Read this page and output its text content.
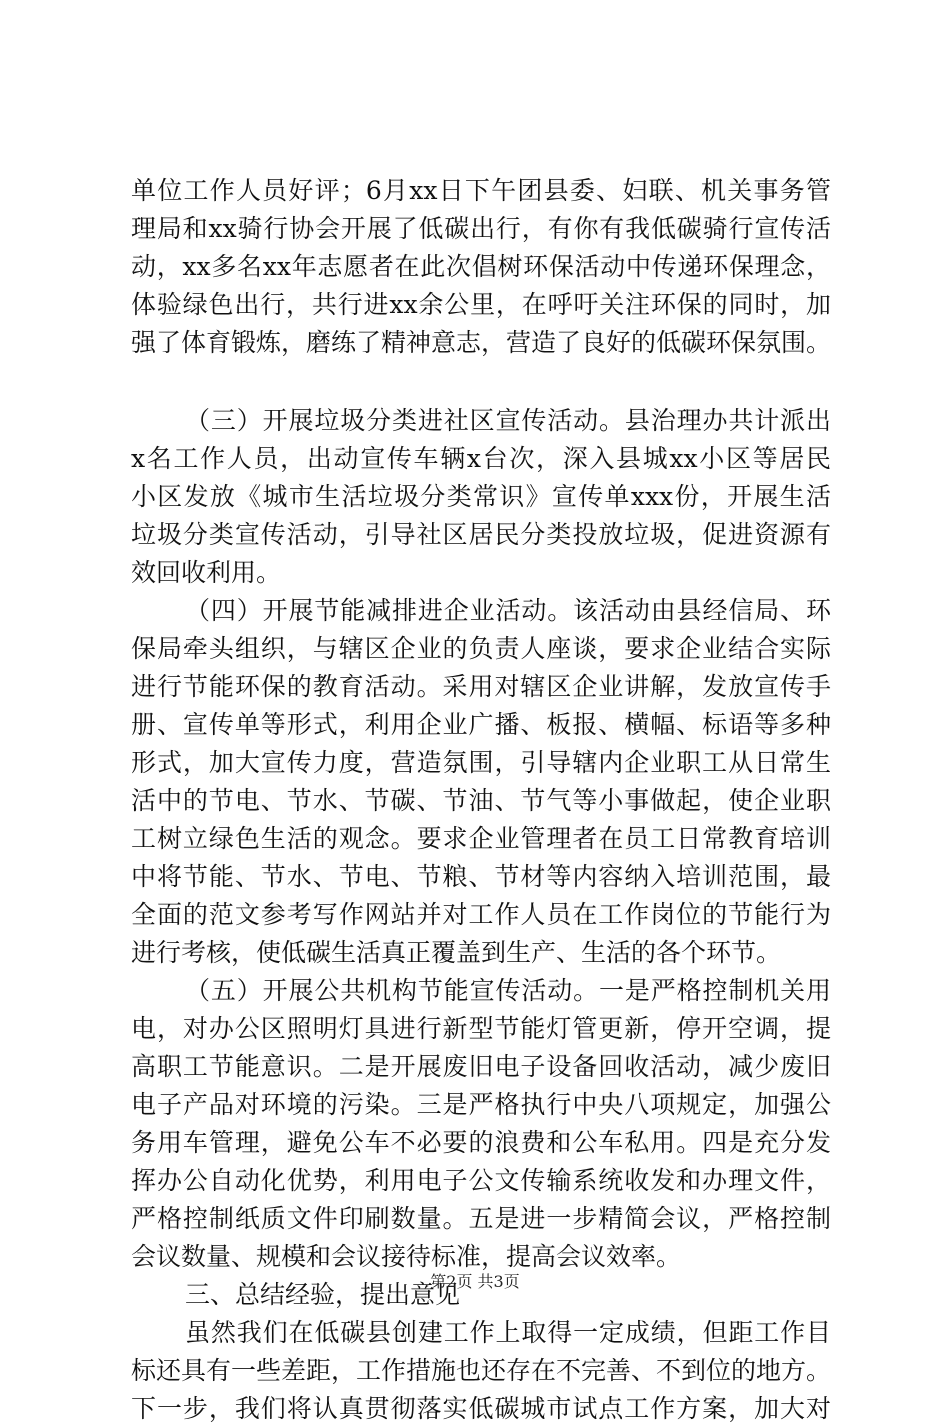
单位工作人员好评；6月xx日下午团县委、妇联、机关事务管
理局和xx骑行协会开展了低碳出行，有你有我低碳骑行宣传活
动，xx多名xx年志愿者在此次倡树环保活动中传递环保理念，
体验绿色出行，共行进xx余公里，在呼吁关注环保的同时，加
强了体育锻炼，磨练了精神意志，营造了良好的低碳环保氛围。
（三）开展垃圾分类进社区宣传活动。县治理办共计派出
x名工作人员，出动宣传车辆x台次，深入县城xx小区等居民
小区发放《城市生活垃圾分类常识》宣传单xxx份，开展生活
垃圾分类宣传活动，引导社区居民分类投放垃圾，促进资源有
效回收利用。
（四）开展节能减排进企业活动。该活动由县经信局、环
保局牵头组织，与辖区企业的负责人座谈，要求企业结合实际
进行节能环保的教育活动。采用对辖区企业讲解，发放宣传手
册、宣传单等形式，利用企业广播、板报、横幅、标语等多种
形式，加大宣传力度，营造氛围，引导辖内企业职工从日常生
活中的节电、节水、节碳、节油、节气等小事做起，使企业职
工树立绿色生活的观念。要求企业管理者在员工日常教育培训
中将节能、节水、节电、节粮、节材等内容纳入培训范围，最
全面的范文参考写作网站并对工作人员在工作岗位的节能行为
进行考核，使低碳生活真正覆盖到生产、生活的各个环节。
（五）开展公共机构节能宣传活动。一是严格控制机关用
电，对办公区照明灯具进行新型节能灯管更新，停开空调，提
高职工节能意识。二是开展废旧电子设备回收活动，减少废旧
电子产品对环境的污染。三是严格执行中央八项规定，加强公
务用车管理，避免公车不必要的浪费和公车私用。四是充分发
挥办公自动化优势，利用电子公文传输系统收发和办理文件，
严格控制纸质文件印刷数量。五是进一步精简会议，严格控制
会议数量、规模和会议接待标准，提高会议效率。
三、总结经验，提出意见
虽然我们在低碳县创建工作上取得一定成绩，但距工作目
标还具有一些差距，工作措施也还存在不完善、不到位的地方。
下一步，我们将认真贯彻落实低碳城市试点工作方案，加大对
第2页 共3页
